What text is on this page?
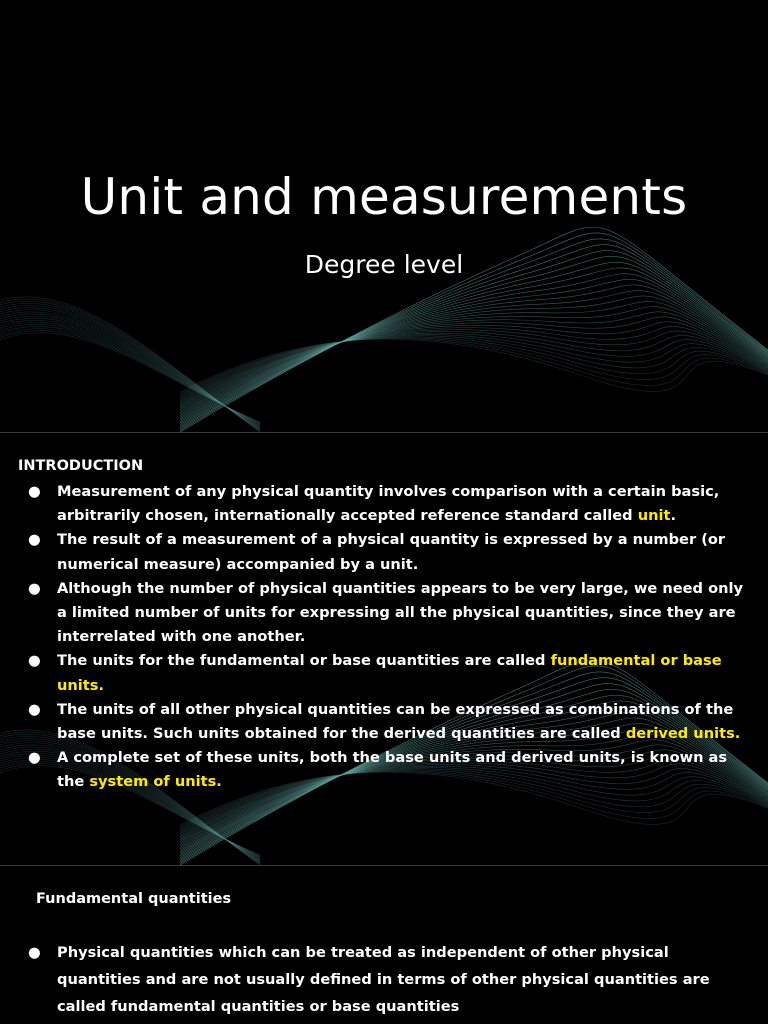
Unit and measurements
Degree level
INTRODUCTION
● Measurement of any physical quantity involves comparison with a certain basic, arbitrarily chosen, internationally accepted reference standard called unit.
● The result of a measurement of a physical quantity is expressed by a number (or numerical measure) accompanied by a unit.
● Although the number of physical quantities appears to be very large, we need only a limited number of units for expressing all the physical quantities, since they are interrelated with one another.
● The units for the fundamental or base quantities are called fundamental or base units.
● The units of all other physical quantities can be expressed as combinations of the base units. Such units obtained for the derived quantities are called derived units.
● A complete set of these units, both the base units and derived units, is known as the system of units.
Fundamental quantities
● Physical quantities which can be treated as independent of other physical quantities and are not usually defined in terms of other physical quantities are called fundamental quantities or base quantities
